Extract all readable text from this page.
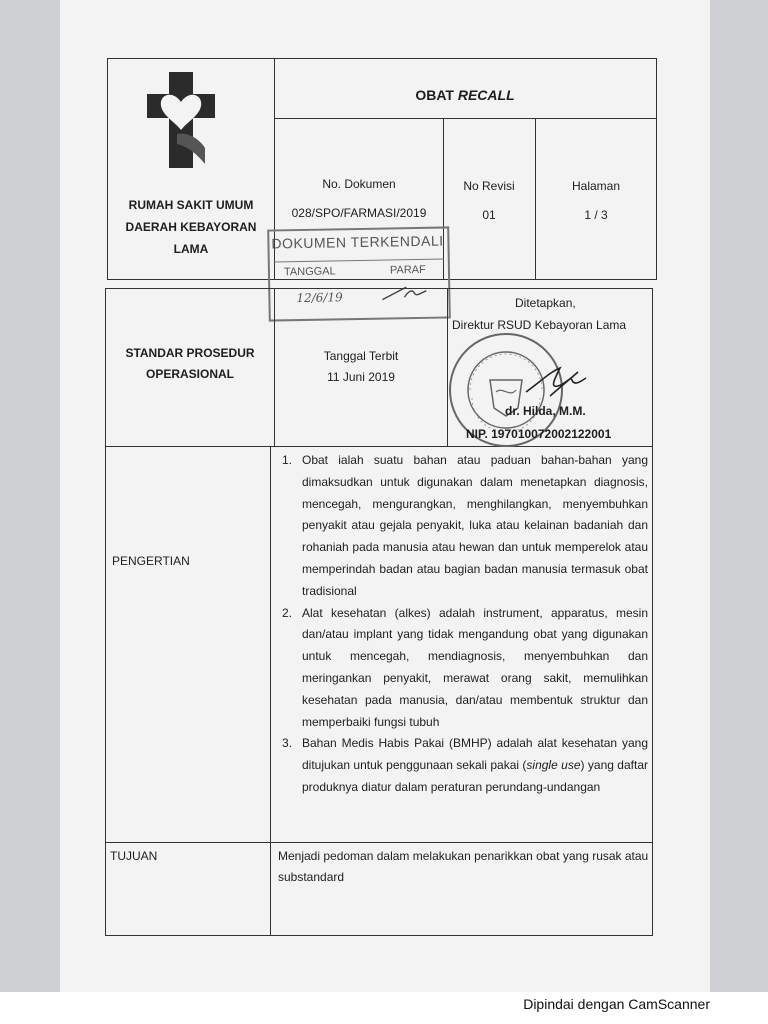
OBAT RECALL
RUMAH SAKIT UMUM
DAERAH KEBAYORAN
LAMA
No. Dokumen
028/SPO/FARMASI/2019
No Revisi
01
Halaman
1 / 3
DOKUMEN TERKENDALI
TANGGAL	PARAF
12/6/19
STANDAR PROSEDUR
OPERASIONAL
Tanggal Terbit
11 Juni 2019
Ditetapkan,
Direktur RSUD Kebayoran Lama
dr. Hilda, M.M.
NIP. 197010072002122001
PENGERTIAN
1. Obat ialah suatu bahan atau paduan bahan-bahan yang dimaksudkan untuk digunakan dalam menetapkan diagnosis, mencegah, mengurangkan, menghilangkan, menyembuhkan penyakit atau gejala penyakit, luka atau kelainan badaniah dan rohaniah pada manusia atau hewan dan untuk memperelok atau memperindah badan atau bagian badan manusia termasuk obat tradisional
2. Alat kesehatan (alkes) adalah instrument, apparatus, mesin dan/atau implant yang tidak mengandung obat yang digunakan untuk mencegah, mendiagnosis, menyembuhkan dan meringankan penyakit, merawat orang sakit, memulihkan kesehatan pada manusia, dan/atau membentuk struktur dan memperbaiki fungsi tubuh
3. Bahan Medis Habis Pakai (BMHP) adalah alat kesehatan yang ditujukan untuk penggunaan sekali pakai (single use) yang daftar produknya diatur dalam peraturan perundang-undangan
TUJUAN	Menjadi pedoman dalam melakukan penarikkan obat yang rusak atau substandard
Dipindai dengan CamScanner
